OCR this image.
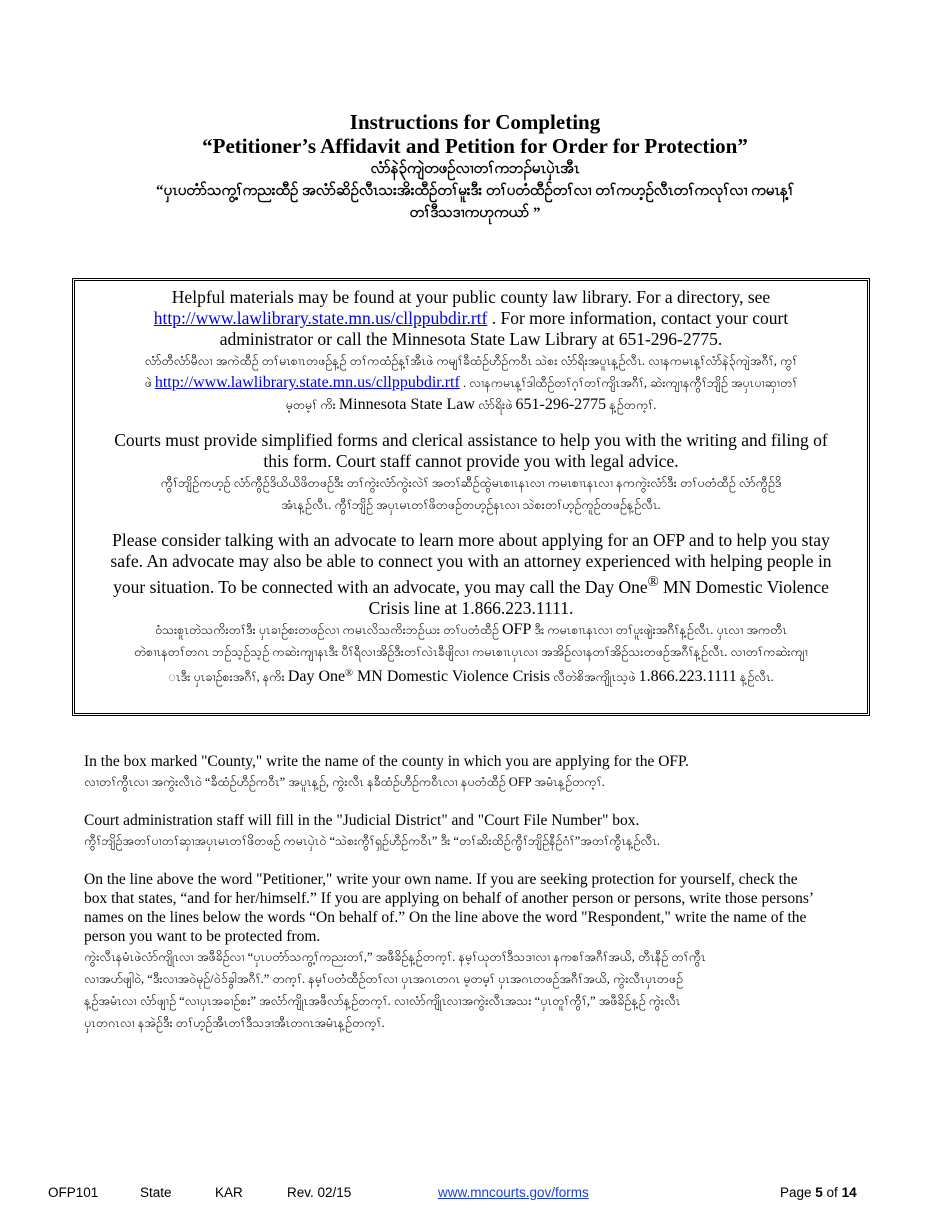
Instructions for Completing

“Petitioner’s Affidavit and Petition for Order for Protection”

လံာ်နဲ၃်ကျဲတဖဉ်လၢတၢ်ကဘၣ်မၤပှဲၤအီၤ

“ပှၤပတံာ်သကွ့ၢ်ကညးထီဉ် အလံာ်ဆိဉ်လီၤသးအိးထီဉ်တၢ်မူးဒီး တၢ်ပတံထီဉ်တၢ်လၢ တၢ်ကဟ့ဉ်လီၤတၢ်ကလုၢ်လၢ ကမၤန့ၢ်

တၢ်ဒီသဒၢကဟုကယာ် ”

Helpful materials may be found at your public county law library. For a directory, see
http://www.lawlibrary.state.mn.us/cllppubdir.rtf . For more information, contact your court
administrator or call the Minnesota State Law Library at 651-296-2775.

လံာ်တီလံာ်မီလၢ အကဲထီဉ် တၢ်မၤစၢၤတဖဉ်န့ဉ် တၢ်ကထံဉ်န့ၢ်အီၤဖဲ ကမျၢ်ခီထံဉ်ဟီဉ်ကဝီၤ သဲစး လံာ်ရိးအပူၤန့ဉ်လီၤ. လၢနကမၤန့ၢ်လံာ်နဲ၃်ကျဲအဂီၢ်, ကွၢ်
ဖဲ http://www.lawlibrary.state.mn.us/cllppubdir.rtf . လၢနကမၤန့ၢ်ဒါထီဉ်တၢ်ဂ့ၢ်တၢ်ကျိၤအဂီၢ်, ဆဲးကျၢနကွီၢ်ဘျိဉ် အပှၤပၢဆှၢတၢ်
မ့တမ့ၢ် ကိး Minnesota State Law လံာ်ရိးဖဲ 651-296-2775 န့ဉ်တက့ၢ်.

Courts must provide simplified forms and clerical assistance to help you with the writing and filing of
this form. Court staff cannot provide you with legal advice.

ကွီၢ်ဘျိဉ်ကဟ့ဉ် လံာ်ကွီဉ်ဒိယိယိဖိတဖဉ်ဒီး တၢ်ကွဲးလံာ်ကွဲးလဲၢ် အတၢ်ဆီဉ်ထွဲမၤစၢၤနၤလၢ ကမၤစၢၤနၤလၢ နကကွဲးလံာ်ဒီး တၢ်ပတံထီဉ် လံာ်ကွီဉ်ဒိ
အံၤန့ဉ်လီၤ. ကွီၢ်ဘျိဉ် အပှၤမၤတၢ်ဖိတဖဉ်တဟ့ဉ်နၤလၢ သဲစးတၢ်ဟ့ဉ်ကူဉ်တဖဉ်န့ဉ်လီၤ.

Please consider talking with an advocate to learn more about applying for an OFP and to help you stay
safe. An advocate may also be able to connect you with an attorney experienced with helping people in
your situation. To be connected with an advocate, you may call the Day One® MN Domestic Violence
Crisis line at 1.866.223.1111.

ဝံသးစူၤတဲသကိးတၢ်ဒီး ပှၤခၢဉ်စးတဖဉ်လၢ ကမၤလိသကိးဘဉ်ယး တၢ်ပတံထီဉ် OFP ဒီး ကမၤစၢၤနၤလၢ တၢ်ပူးဖျဲးအဂီၢ်န့ဉ်လီၤ. ပှၤလၢ အကတီၤ
တဲစၢၤနတၢ်တဂၤ ဘဉ်သ့ဉ်သ့ဉ် ကဆဲးကျၢနၤဒီး ပီၢ်ရီလၢအိဉ်ဒီးတၢ်လဲၤခီဖျိလၢ ကမၤစၢၤပှၤလၢ အအိဉ်လၢနတၢ်အိဉ်သးတဖဉ်အဂီၢ်န့ဉ်လီၤ. လၢတၢ်ကဆဲးကျၢ
ၤဒီး ပှၤခၢဉ်စးအဂီၢ်, နကိး Day One® MN Domestic Violence Crisis လီတဲစိအကျိုၤသ့ဖဲ 1.866.223.1111 န့ဉ်လီၤ.

In the box marked "County," write the name of the county in which you are applying for the OFP.

လၢတၢ်ကွီၤလၢ အကွဲးလီၤဝဲ “ခီထံဉ်ဟီဉ်ကဝီၤ” အပူၤန့ဉ်, ကွဲးလီၤ နခီထံဉ်ဟီဉ်ကဝီၤလၢ နပတံထီဉ် OFP အမံၤန့ဉ်တက့ၢ်.

Court administration staff will fill in the "Judicial District" and "Court File Number" box.

ကွီၢ်ဘျိဉ်အတၢ်ပၢတၢ်ဆှၢအပှၤမၤတၢ်ဖိတဖဉ် ကမၤပှဲၤဝဲ “သဲစးကွီၢ်ရှဉ်ဟီဉ်ကဝီၤ” ဒီး “တၢ်ဆိးထိဉ်ကွီၢ်ဘျိဉ်နီဉ်ဂံၢ်”အတၢ်ကွီၤန့ဉ်လီၤ.

On the line above the word "Petitioner," write your own name. If you are seeking protection for yourself, check the
box that states, “and for her/himself.” If you are applying on behalf of another person or persons, write those persons’
names on the lines below the words “On behalf of.” On the line above the word "Respondent," write the name of the
person you want to be protected from.

ကွဲးလီၤနမံၤဖဲလံာ်ကျိုၤလၢ အဖီခိဉ်လၢ “ပှၤပတံာ်သကွ့ၢ်ကညးတၢ်,” အဖီခိဉ်န့ဉ်တက့ၢ်. နမ့ၢ်ယုတၢ်ဒီသဒၢလၢ နကစၢ်အဂီၢ်အယိ, တီၤနီဉ် တၢ်ကွီၤ
လၢအဟ်ဖျါဝဲ, “ဒီးလၢအဝဲမုဉ်/ဝဲၥ်ခွါအဂီၢ်.” တက့ၢ်. နမ့ၢ်ပတံထီဉ်တၢ်လၢ ပှၤအဂၤတဂၤ မ့တမ့ၢ် ပှၤအဂၤတဖဉ်အဂီၢ်အယိ, ကွဲးလီၤပှၤတဖဉ်
န့ဉ်အမံၤလၢ လံာ်ဖျၢဉ် “လၢပှၤအခၢဉ်စး” အလံာ်ကျိုၤအဖီလာ်န့ဉ်တက့ၢ်. လၢလံာ်ကျိုၤလၢအကွဲးလီၤအသး “ပှၤတူၢ်ကွီၢ်,” အဖီခိဉ်န့ဉ် ကွဲးလီၤ
ပှၤတဂၤလၢ နအဲဉ်ဒီး တၢ်ဟ့ဉ်အီၤတၢ်ဒီသဒၢအီၤတဂၤအမံၤန့ဉ်တက့ၢ်.

OFP101	State	KAR	Rev. 02/15	www.mncourts.gov/forms	Page 5 of 14
